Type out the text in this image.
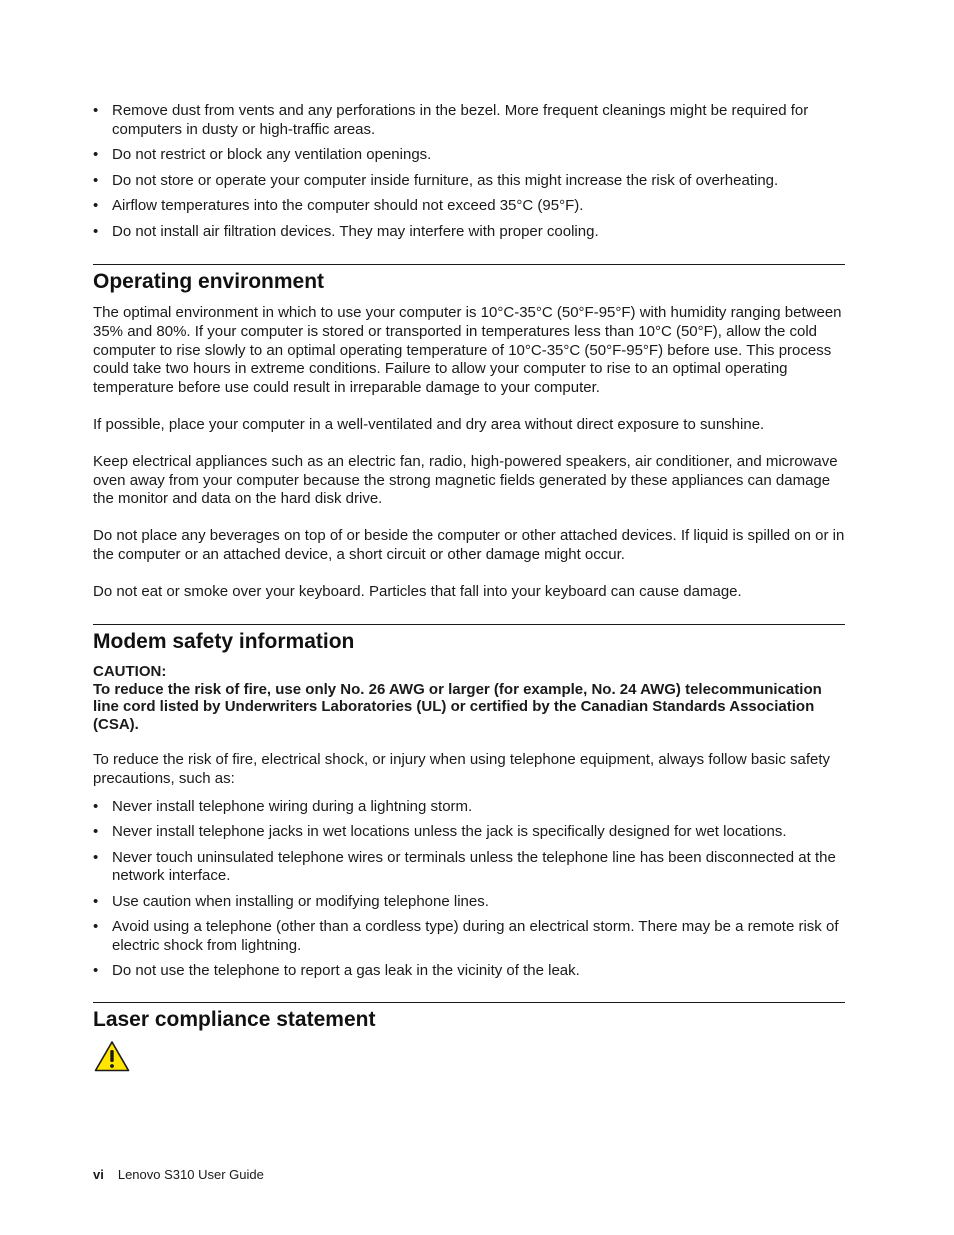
• Remove dust from vents and any perforations in the bezel. More frequent cleanings might be required for computers in dusty or high-traffic areas.
• Do not restrict or block any ventilation openings.
• Do not store or operate your computer inside furniture, as this might increase the risk of overheating.
• Airflow temperatures into the computer should not exceed 35°C (95°F).
• Do not install air filtration devices. They may interfere with proper cooling.
Operating environment

The optimal environment in which to use your computer is 10°C-35°C (50°F-95°F) with humidity ranging between 35% and 80%. If your computer is stored or transported in temperatures less than 10°C (50°F), allow the cold computer to rise slowly to an optimal operating temperature of 10°C-35°C (50°F-95°F) before use. This process could take two hours in extreme conditions. Failure to allow your computer to rise to an optimal operating temperature before use could result in irreparable damage to your computer.

If possible, place your computer in a well-ventilated and dry area without direct exposure to sunshine.

Keep electrical appliances such as an electric fan, radio, high-powered speakers, air conditioner, and microwave oven away from your computer because the strong magnetic fields generated by these appliances can damage the monitor and data on the hard disk drive.

Do not place any beverages on top of or beside the computer or other attached devices. If liquid is spilled on or in the computer or an attached device, a short circuit or other damage might occur.

Do not eat or smoke over your keyboard. Particles that fall into your keyboard can cause damage.

Modem safety information

CAUTION:

To reduce the risk of fire, use only No. 26 AWG or larger (for example, No. 24 AWG) telecommunication line cord listed by Underwriters Laboratories (UL) or certified by the Canadian Standards Association (CSA).

To reduce the risk of fire, electrical shock, or injury when using telephone equipment, always follow basic safety precautions, such as:

• Never install telephone wiring during a lightning storm.
• Never install telephone jacks in wet locations unless the jack is specifically designed for wet locations.
• Never touch uninsulated telephone wires or terminals unless the telephone line has been disconnected at the network interface.
• Use caution when installing or modifying telephone lines.
• Avoid using a telephone (other than a cordless type) during an electrical storm. There may be a remote risk of electric shock from lightning.
• Do not use the telephone to report a gas leak in the vicinity of the leak.
Laser compliance statement
vi Lenovo S310 User Guide
